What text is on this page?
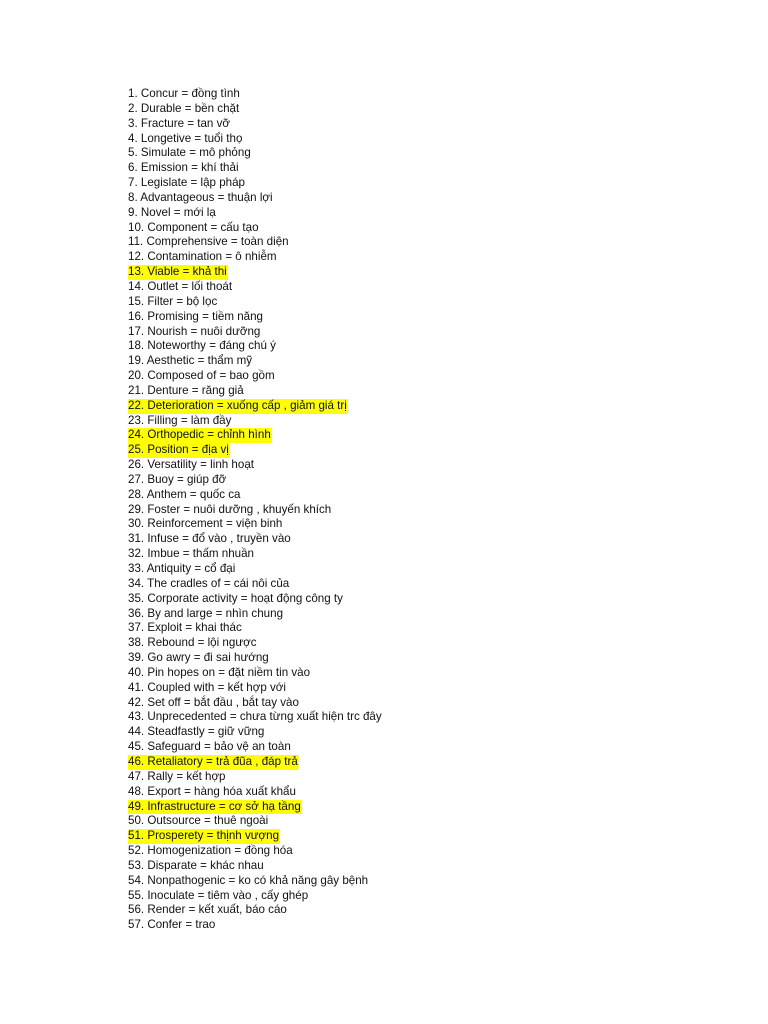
1. Concur = đồng tình
2. Durable = bền chặt
3. Fracture = tan vỡ
4. Longetive = tuổi thọ
5. Simulate = mô phỏng
6. Emission = khí thải
7. Legislate = lập pháp
8. Advantageous = thuận lợi
9. Novel = mới lạ
10. Component = cấu tạo
11. Comprehensive = toàn diện
12. Contamination = ô nhiễm
13. Viable = khả thi
14. Outlet = lối thoát
15. Filter = bộ lọc
16. Promising = tiềm năng
17. Nourish = nuôi dưỡng
18. Noteworthy = đáng chú ý
19. Aesthetic = thẩm mỹ
20. Composed of = bao gồm
21. Denture = răng giả
22. Deterioration = xuống cấp , giảm giá trị
23. Filling = làm đầy
24. Orthopedic = chỉnh hình
25. Position = địa vị
26. Versatility = linh hoạt
27. Buoy = giúp đỡ
28. Anthem = quốc ca
29. Foster = nuôi dưỡng , khuyến khích
30. Reinforcement = viện binh
31. Infuse = đổ vào , truyền vào
32. Imbue = thấm nhuần
33. Antiquity = cổ đại
34. The cradles of = cái nôi của
35. Corporate activity = hoạt động công ty
36. By and large = nhìn chung
37. Exploit = khai thác
38. Rebound = lội ngược
39. Go awry = đi sai hướng
40. Pin hopes on = đặt niềm tin vào
41. Coupled with = kết hợp với
42. Set off = bắt đầu , bắt tay vào
43. Unprecedented = chưa từng xuất hiện trc đây
44. Steadfastly = giữ vững
45. Safeguard = bảo vệ an toàn
46. Retaliatory = trả đũa , đáp trả
47. Rally = kết hợp
48. Export = hàng hóa xuất khẩu
49. Infrastructure = cơ sở hạ tầng
50. Outsource = thuê ngoài
51. Prosperety = thịnh vượng
52. Homogenization = đồng hóa
53. Disparate = khác nhau
54. Nonpathogenic = ko có khả năng gây bệnh
55. Inoculate = tiêm vào , cấy ghép
56. Render = kết xuất, báo cáo
57. Confer = trao
